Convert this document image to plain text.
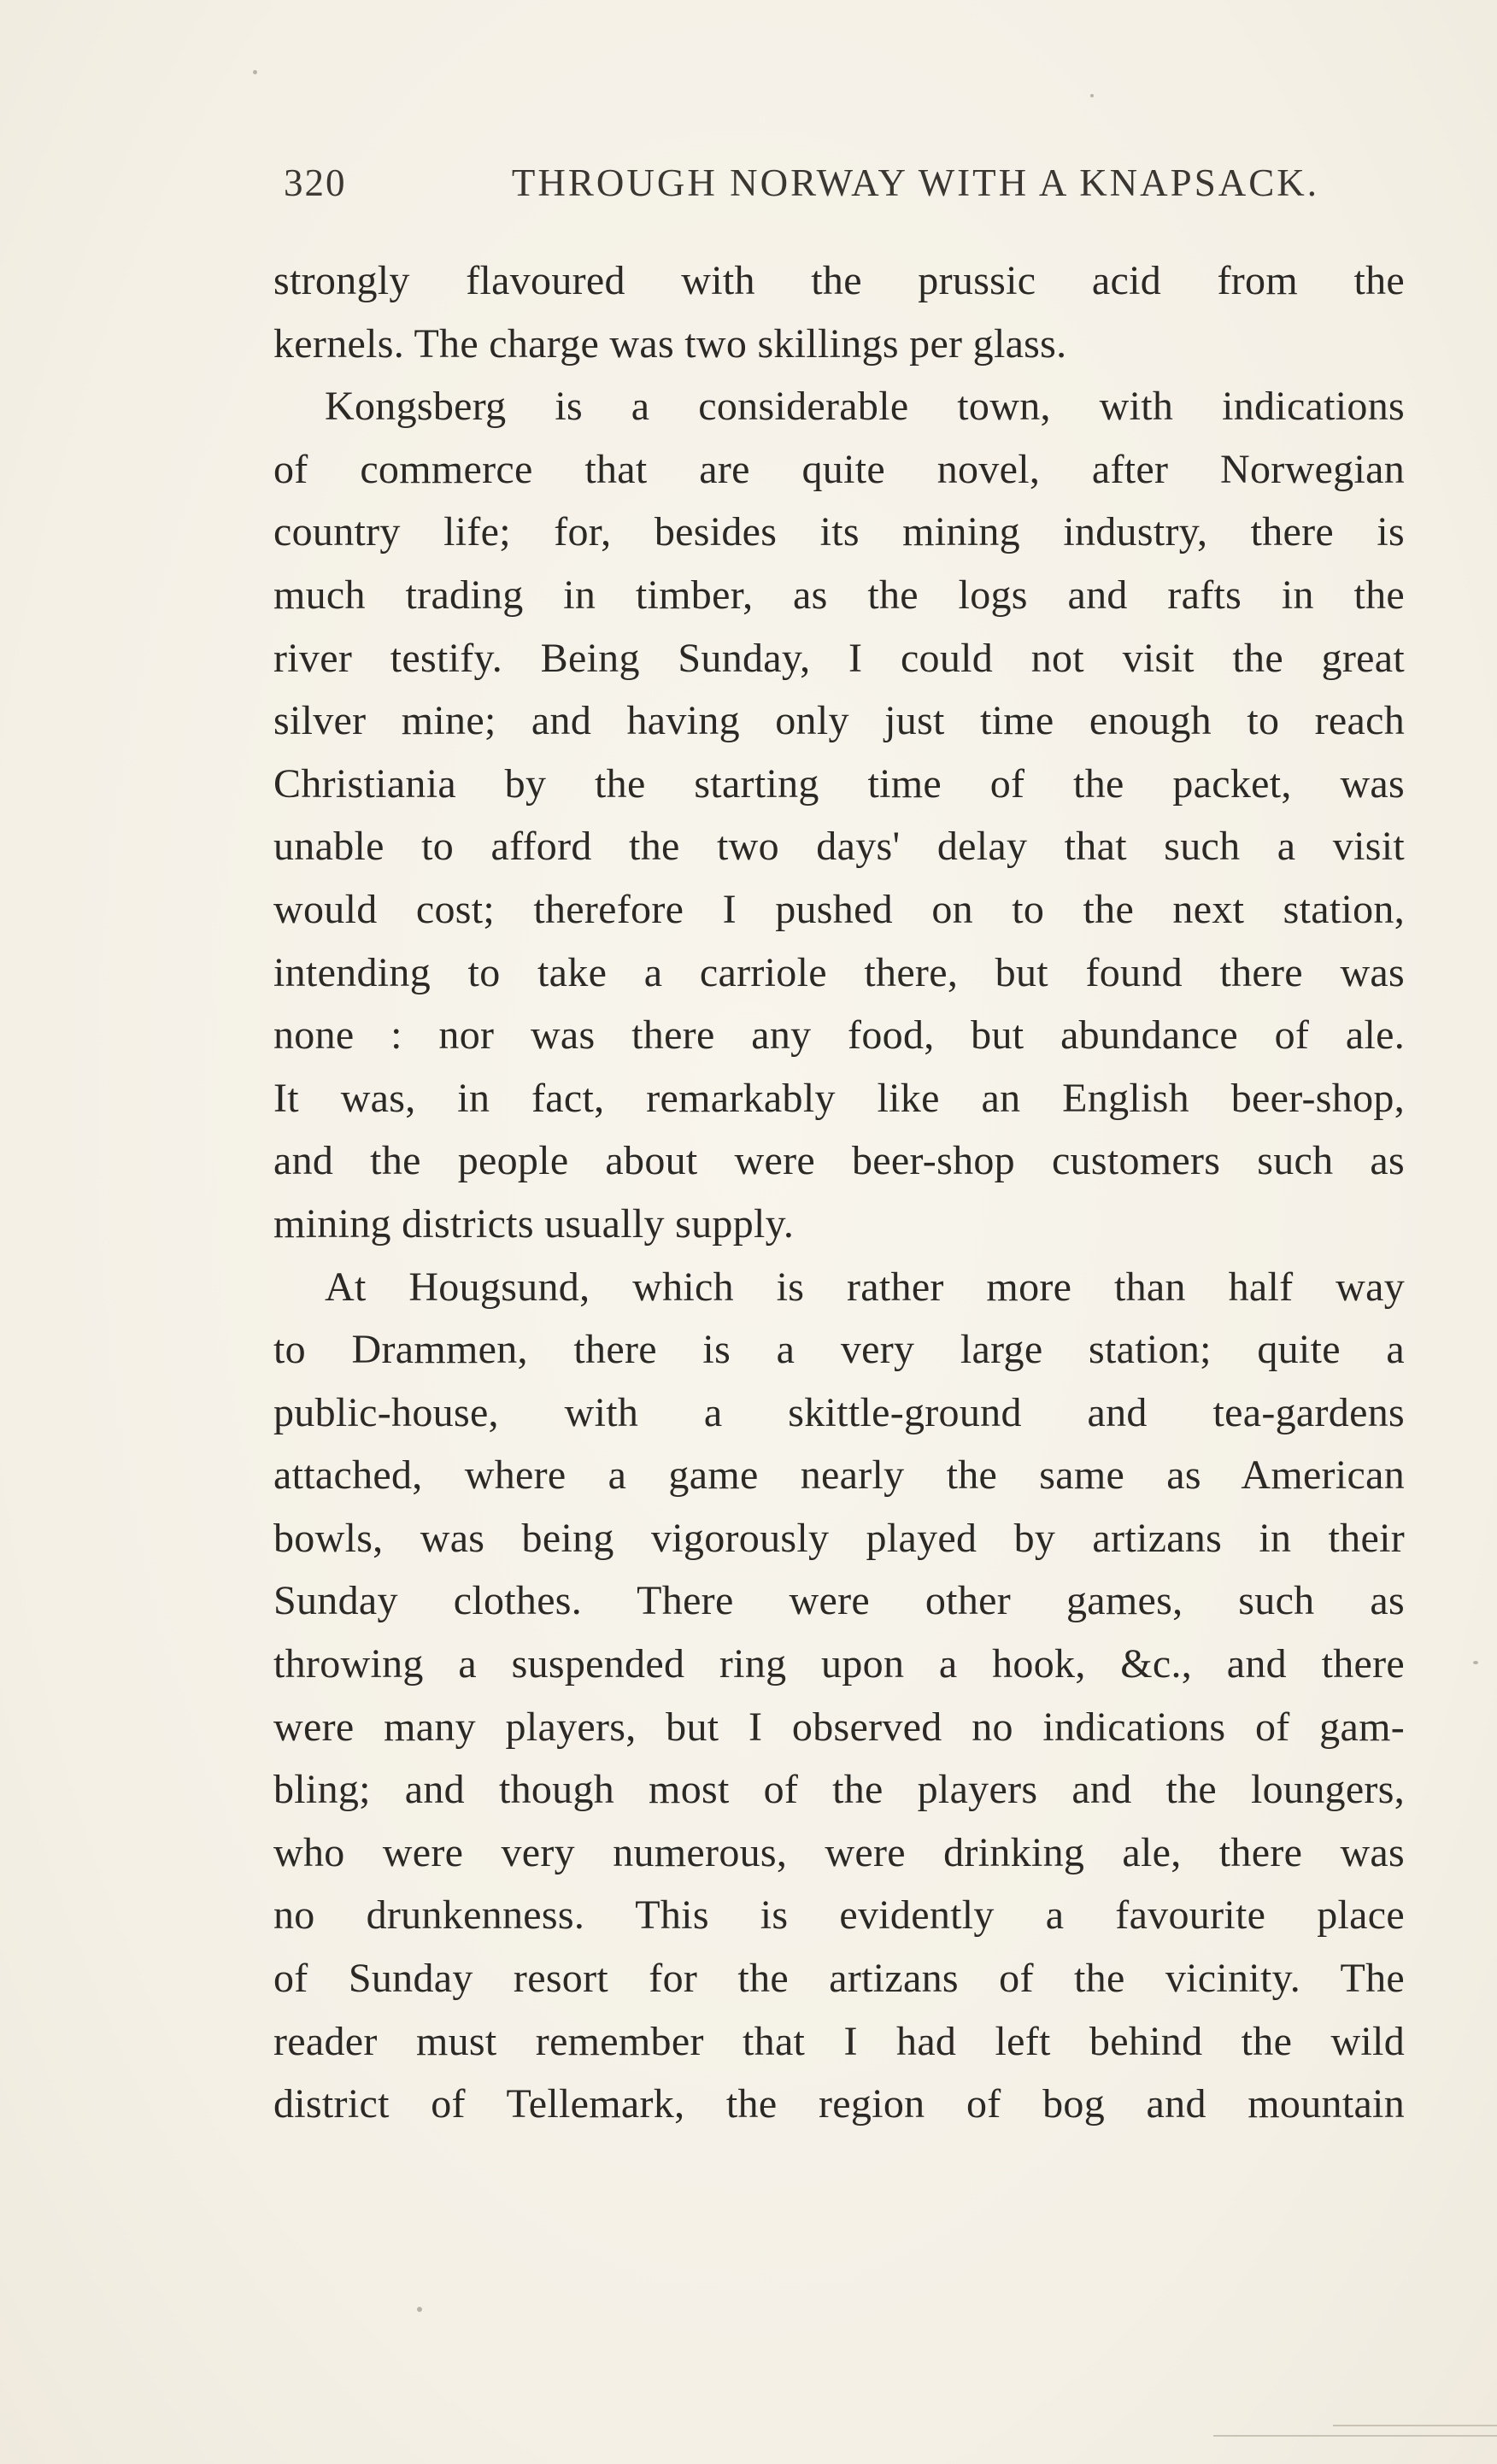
320	THROUGH NORWAY WITH A KNAPSACK.
strongly flavoured with the prussic acid from the
kernels. The charge was two skillings per glass.
Kongsberg is a considerable town, with indications
of commerce that are quite novel, after Norwegian
country life; for, besides its mining industry, there is
much trading in timber, as the logs and rafts in the
river testify. Being Sunday, I could not visit the great
silver mine; and having only just time enough to reach
Christiania by the starting time of the packet, was
unable to afford the two days' delay that such a visit
would cost; therefore I pushed on to the next station,
intending to take a carriole there, but found there was
none : nor was there any food, but abundance of ale.
It was, in fact, remarkably like an English beer-shop,
and the people about were beer-shop customers such as
mining districts usually supply.
At Hougsund, which is rather more than half way
to Drammen, there is a very large station; quite a
public-house, with a skittle-ground and tea-gardens
attached, where a game nearly the same as American
bowls, was being vigorously played by artizans in their
Sunday clothes. There were other games, such as
throwing a suspended ring upon a hook, &c., and there
were many players, but I observed no indications of gam-
bling; and though most of the players and the loungers,
who were very numerous, were drinking ale, there was
no drunkenness. This is evidently a favourite place
of Sunday resort for the artizans of the vicinity. The
reader must remember that I had left behind the wild
district of Tellemark, the region of bog and mountain
